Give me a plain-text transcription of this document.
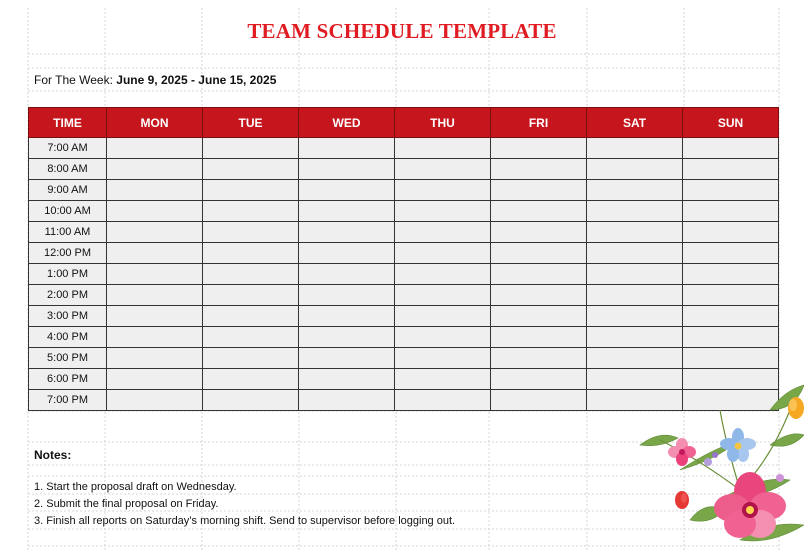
TEAM SCHEDULE TEMPLATE
For The Week: June 9, 2025 - June 15, 2025
TIME	MON	TUE	WED	THU	FRI	SAT	SUN
7:00 AM							
8:00 AM							
9:00 AM							
10:00 AM							
11:00 AM							
12:00 PM							
1:00 PM							
2:00 PM							
3:00 PM							
4:00 PM							
5:00 PM							
6:00 PM							
7:00 PM							
Notes:
1. Start the proposal draft on Wednesday.
2. Submit the final proposal on Friday.
3. Finish all reports on Saturday’s morning shift. Send to supervisor before logging out.
